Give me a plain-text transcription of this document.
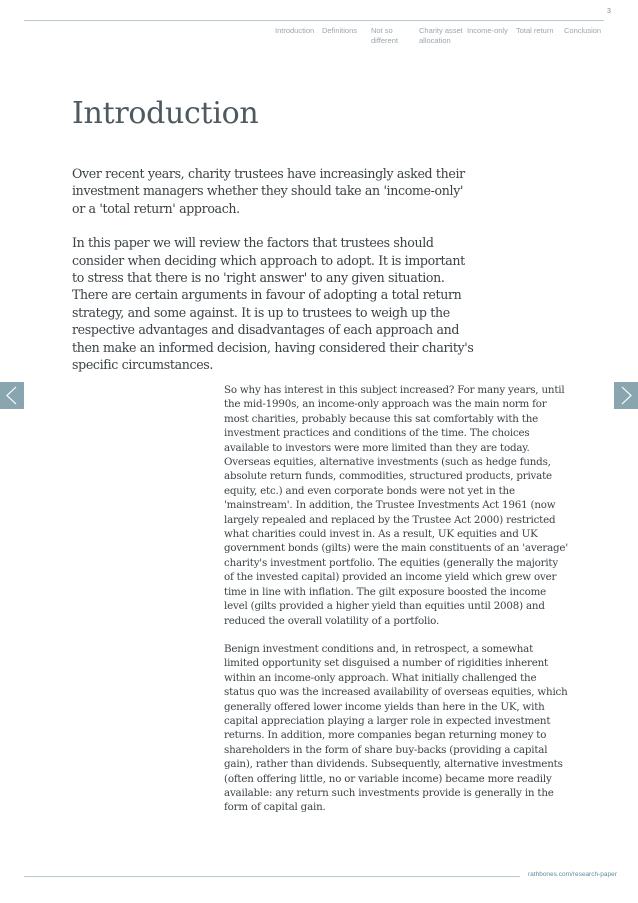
3
Introduction	Definitions	Not so different
Charity asset allocation
Income-only	Total return	Conclusion
Introduction

Over recent years, charity trustees have increasingly asked their investment managers whether they should take an 'income-only' or a 'total return' approach.

In this paper we will review the factors that trustees should consider when deciding which approach to adopt. It is important to stress that there is no 'right answer' to any given situation. There are certain arguments in favour of adopting a total return strategy, and some against. It is up to trustees to weigh up the respective advantages and disadvantages of each approach and then make an informed decision, having considered their charity's specific circumstances.

So why has interest in this subject increased? For many years, until the mid-1990s, an income-only approach was the main norm for most charities, probably because this sat comfortably with the investment practices and conditions of the time. The choices available to investors were more limited than they are today. Overseas equities, alternative investments (such as hedge funds, absolute return funds, commodities, structured products, private equity, etc.) and even corporate bonds were not yet in the 'mainstream'. In addition, the Trustee Investments Act 1961 (now largely repealed and replaced by the Trustee Act 2000) restricted what charities could invest in. As a result, UK equities and UK government bonds (gilts) were the main constituents of an 'average' charity's investment portfolio. The equities (generally the majority of the invested capital) provided an income yield which grew over time in line with inflation. The gilt exposure boosted the income level (gilts provided a higher yield than equities until 2008) and reduced the overall volatility of a portfolio.

Benign investment conditions and, in retrospect, a somewhat limited opportunity set disguised a number of rigidities inherent within an income-only approach. What initially challenged the status quo was the increased availability of overseas equities, which generally offered lower income yields than here in the UK, with capital appreciation playing a larger role in expected investment returns. In addition, more companies began returning money to shareholders in the form of share buy-backs (providing a capital gain), rather than dividends. Subsequently, alternative investments (often offering little, no or variable income) became more readily available: any return such investments provide is generally in the form of capital gain.

rathbones.com/research-paper
